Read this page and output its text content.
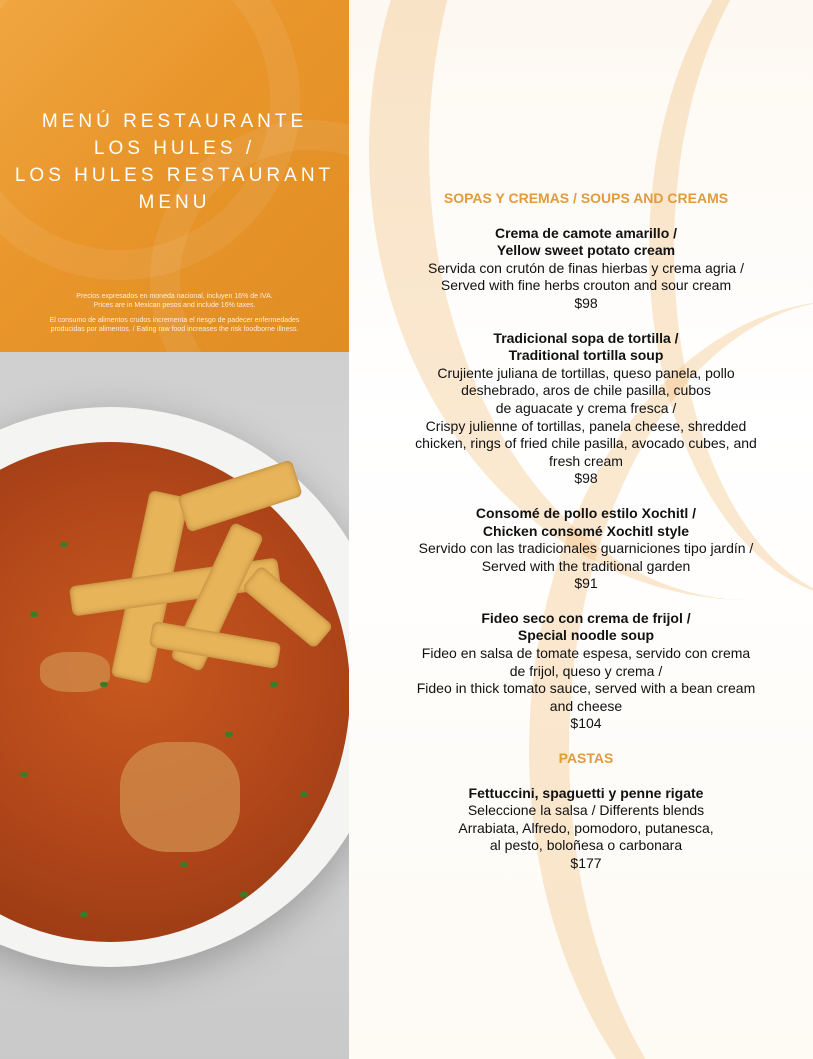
MENÚ RESTAURANTE
LOS HULES /
LOS HULES RESTAURANT
MENU

Precios expresados en moneda nacional, incluyen 16% de IVA.
Prices are in Mexican pesos and include 16% taxes.

El consumo de alimentos crudos incrementa el riesgo de padecer enfermedades
producidas por alimentos. / Eating raw food increases the risk foodborne illness.

SOPAS Y CREMAS / SOUPS AND CREAMS
Crema de camote amarillo /
Yellow sweet potato cream
Servida con crutón de finas hierbas y crema agria /
Served with fine herbs crouton and sour cream
$98
Tradicional sopa de tortilla /
Traditional tortilla soup
Crujiente juliana de tortillas, queso panela, pollo
deshebrado, aros de chile pasilla, cubos
de aguacate y crema fresca /
Crispy julienne of tortillas, panela cheese, shredded
chicken, rings of fried chile pasilla, avocado cubes, and
fresh cream
$98
Consomé de pollo estilo Xochitl /
Chicken consomé Xochitl style
Servido con las tradicionales guarniciones tipo jardín /
Served with the traditional garden
$91
Fideo seco con crema de frijol /
Special noodle soup
Fideo en salsa de tomate espesa, servido con crema
de frijol, queso y crema /
Fideo in thick tomato sauce, served with a bean cream
and cheese
$104
PASTAS
Fettuccini, spaguetti y penne rigate
Seleccione la salsa / Differents blends
Arrabiata, Alfredo, pomodoro, putanesca,
al pesto, boloñesa o carbonara
$177
